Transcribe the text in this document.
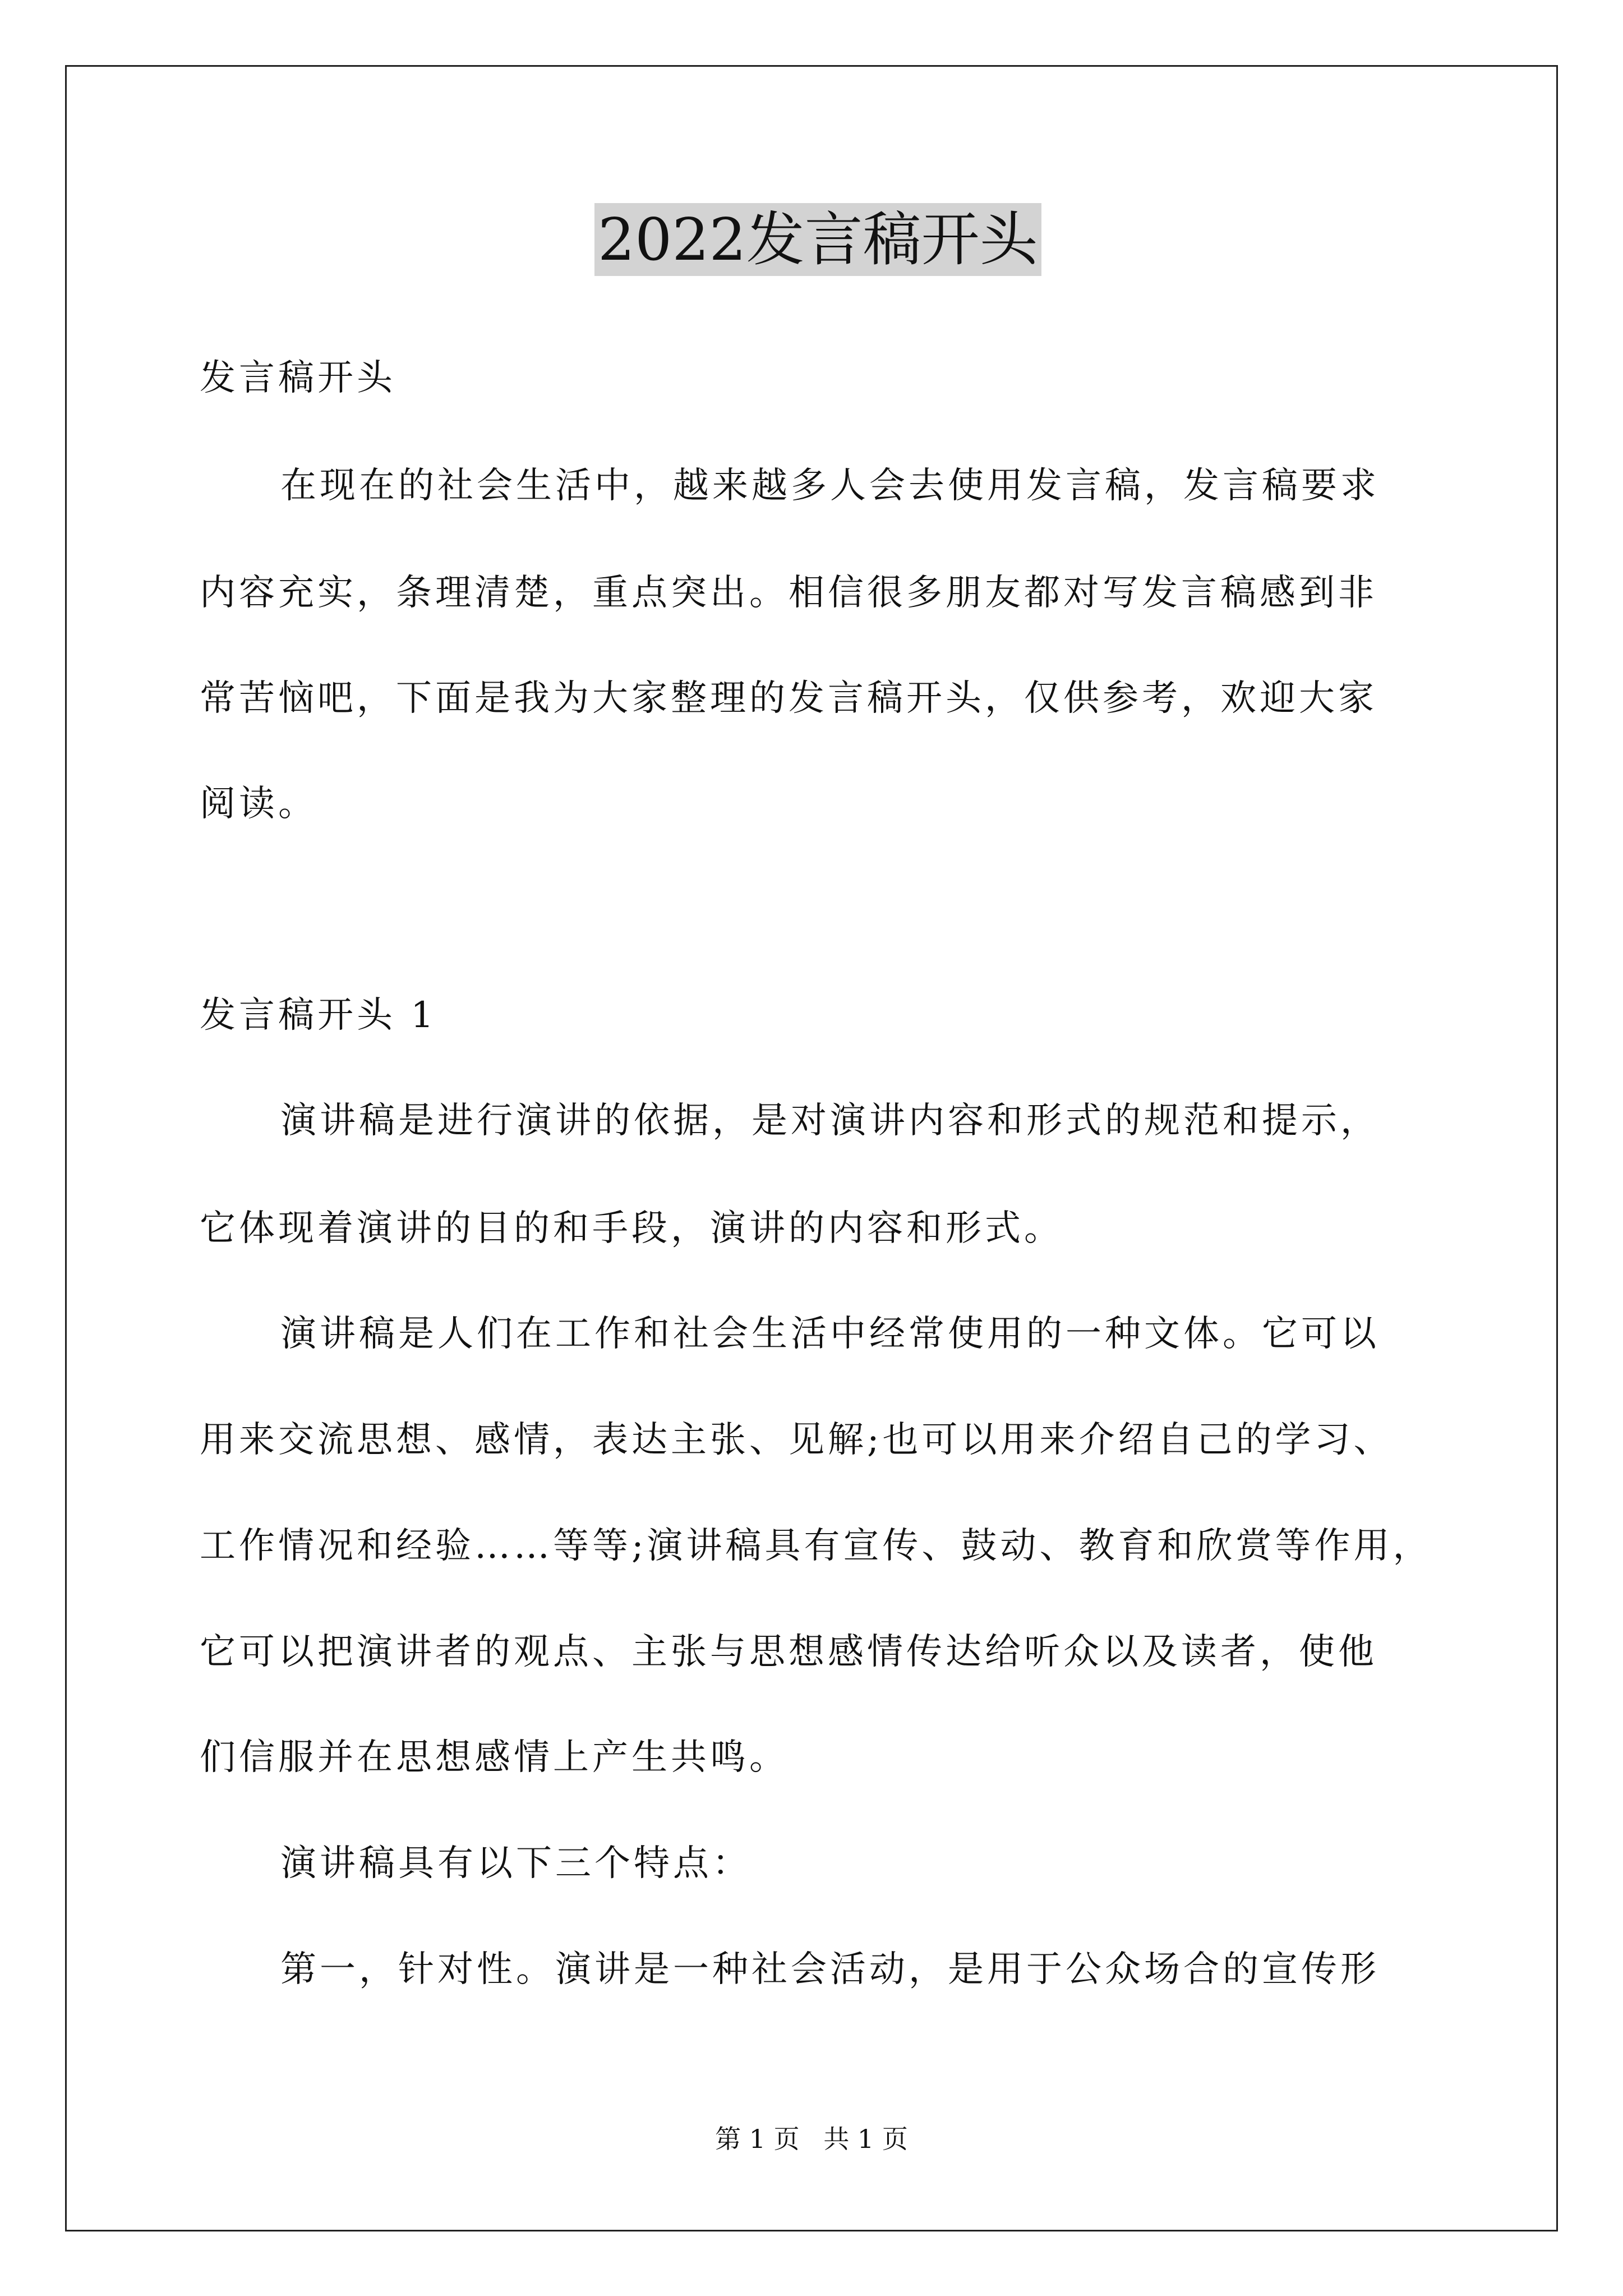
2022发言稿开头
发言稿开头
在现在的社会生活中，越来越多人会去使用发言稿，发言稿要求
内容充实，条理清楚，重点突出。相信很多朋友都对写发言稿感到非
常苦恼吧，下面是我为大家整理的发言稿开头，仅供参考，欢迎大家
阅读。
发言稿开头 1
演讲稿是进行演讲的依据，是对演讲内容和形式的规范和提示，
它体现着演讲的目的和手段，演讲的内容和形式。
演讲稿是人们在工作和社会生活中经常使用的一种文体。它可以
用来交流思想、感情，表达主张、见解;也可以用来介绍自己的学习、
工作情况和经验……等等;演讲稿具有宣传、鼓动、教育和欣赏等作用，
它可以把演讲者的观点、主张与思想感情传达给听众以及读者，使他
们信服并在思想感情上产生共鸣。
演讲稿具有以下三个特点：
第一，针对性。演讲是一种社会活动，是用于公众场合的宣传形
第 1 页 共 1 页
